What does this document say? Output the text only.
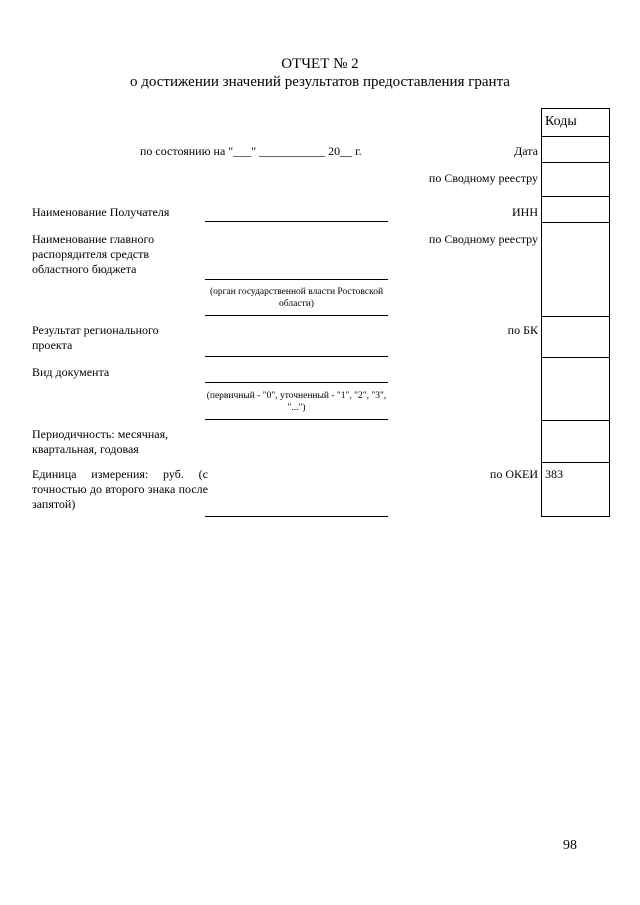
ОТЧЕТ № 2
о достижении значений результатов предоставления гранта
Коды
383
по состоянию на "___" ___________ 20__ г.	Дата
по Сводному реестру
ИНН
по Сводному реестру
по БК
по ОКЕИ
Наименование Получателя
Наименование главного распорядителя средств областного бюджета
Результат регионального проекта
Вид документа
Периодичность: месячная, квартальная, годовая
Единица измерения: руб. (с точностью до второго знака после запятой)
(орган государственной власти Ростовской области)
(первичный - "0", уточненный - "1", "2", "3", "...")
98
